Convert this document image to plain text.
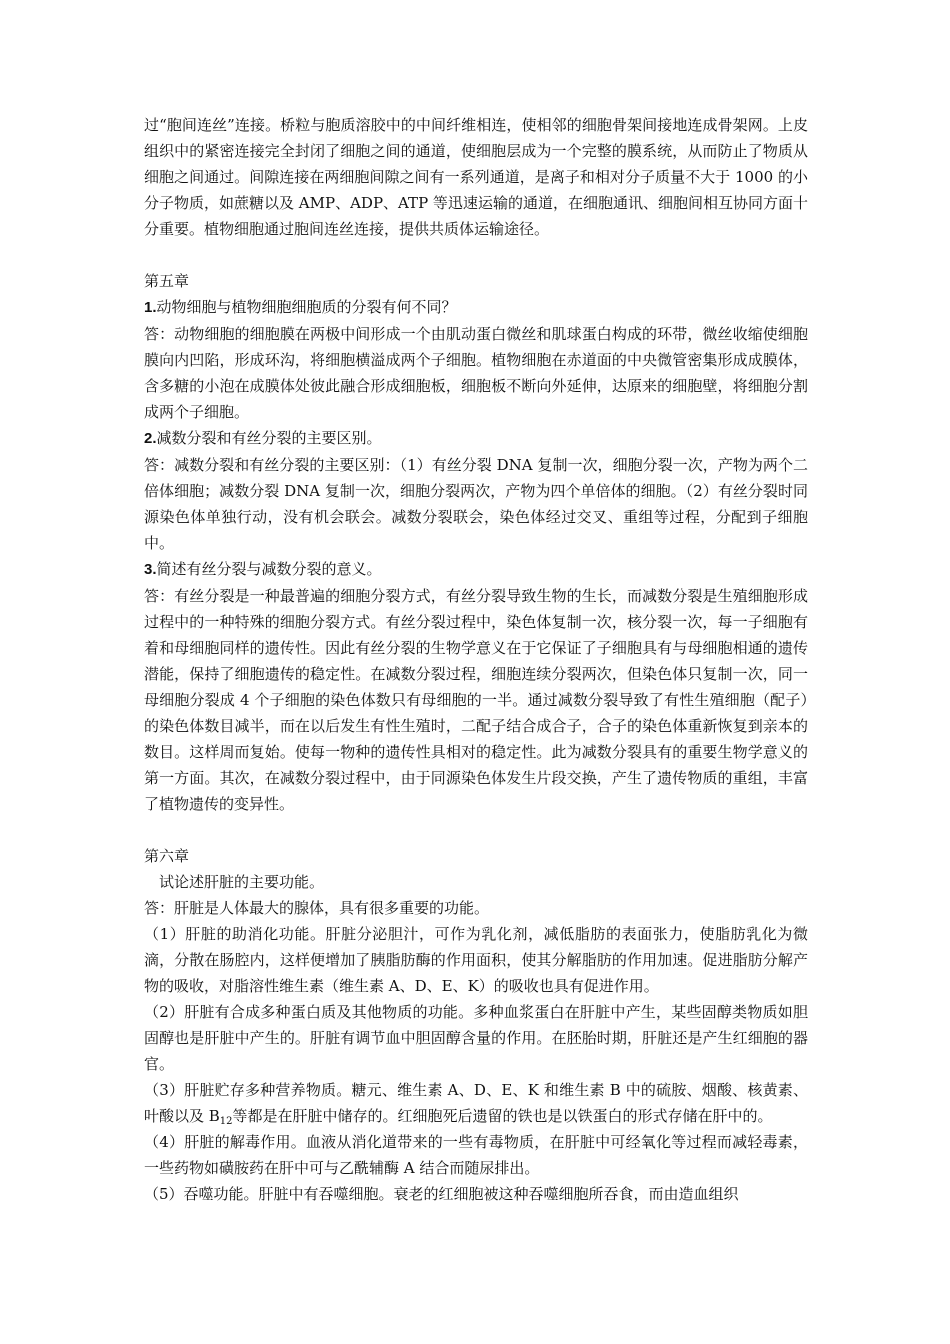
过“胞间连丝”连接。桥粒与胞质溶胶中的中间纤维相连，使相邻的细胞骨架间接地连成骨架网。上皮组织中的紧密连接完全封闭了细胞之间的通道，使细胞层成为一个完整的膜系统，从而防止了物质从细胞之间通过。间隙连接在两细胞间隙之间有一系列通道，是离子和相对分子质量不大于 1000 的小分子物质，如蔗糖以及 AMP、ADP、ATP 等迅速运输的通道，在细胞通讯、细胞间相互协同方面十分重要。植物细胞通过胞间连丝连接，提供共质体运输途径。

第五章

1.动物细胞与植物细胞细胞质的分裂有何不同？

答：动物细胞的细胞膜在两极中间形成一个由肌动蛋白微丝和肌球蛋白构成的环带，微丝收缩使细胞膜向内凹陷，形成环沟，将细胞横溢成两个子细胞。植物细胞在赤道面的中央微管密集形成成膜体，含多糖的小泡在成膜体处彼此融合形成细胞板，细胞板不断向外延伸，达原来的细胞壁，将细胞分割成两个子细胞。

2.减数分裂和有丝分裂的主要区别。

答：减数分裂和有丝分裂的主要区别：（1）有丝分裂 DNA 复制一次，细胞分裂一次，产物为两个二倍体细胞；减数分裂 DNA 复制一次，细胞分裂两次，产物为四个单倍体的细胞。（2）有丝分裂时同源染色体单独行动，没有机会联会。减数分裂联会，染色体经过交叉、重组等过程，分配到子细胞中。

3.简述有丝分裂与减数分裂的意义。

答：有丝分裂是一种最普遍的细胞分裂方式，有丝分裂导致生物的生长，而减数分裂是生殖细胞形成过程中的一种特殊的细胞分裂方式。有丝分裂过程中，染色体复制一次，核分裂一次，每一子细胞有着和母细胞同样的遗传性。因此有丝分裂的生物学意义在于它保证了子细胞具有与母细胞相通的遗传潜能，保持了细胞遗传的稳定性。在减数分裂过程，细胞连续分裂两次，但染色体只复制一次，同一母细胞分裂成 4 个子细胞的染色体数只有母细胞的一半。通过减数分裂导致了有性生殖细胞（配子）的染色体数目减半，而在以后发生有性生殖时，二配子结合成合子，合子的染色体重新恢复到亲本的数目。这样周而复始。使每一物种的遗传性具相对的稳定性。此为减数分裂具有的重要生物学意义的第一方面。其次，在减数分裂过程中，由于同源染色体发生片段交换，产生了遗传物质的重组，丰富了植物遗传的变异性。

第六章

试论述肝脏的主要功能。

答：肝脏是人体最大的腺体，具有很多重要的功能。

（1）肝脏的助消化功能。肝脏分泌胆汁，可作为乳化剂，减低脂肪的表面张力，使脂肪乳化为微滴，分散在肠腔内，这样便增加了胰脂肪酶的作用面积，使其分解脂肪的作用加速。促进脂肪分解产物的吸收，对脂溶性维生素（维生素 A、D、E、K）的吸收也具有促进作用。

（2）肝脏有合成多种蛋白质及其他物质的功能。多种血浆蛋白在肝脏中产生，某些固醇类物质如胆固醇也是肝脏中产生的。肝脏有调节血中胆固醇含量的作用。在胚胎时期，肝脏还是产生红细胞的器官。

（3）肝脏贮存多种营养物质。糖元、维生素 A、D、E、K 和维生素 B 中的硫胺、烟酸、核黄素、叶酸以及 $B_{12}$等都是在肝脏中储存的。红细胞死后遗留的铁也是以铁蛋白的形式存储在肝中的。

（4）肝脏的解毒作用。血液从消化道带来的一些有毒物质，在肝脏中可经氧化等过程而减轻毒素，一些药物如磺胺药在肝中可与乙酰辅酶 A 结合而随尿排出。

（5）吞噬功能。肝脏中有吞噬细胞。衰老的红细胞被这种吞噬细胞所吞食，而由造血组织
